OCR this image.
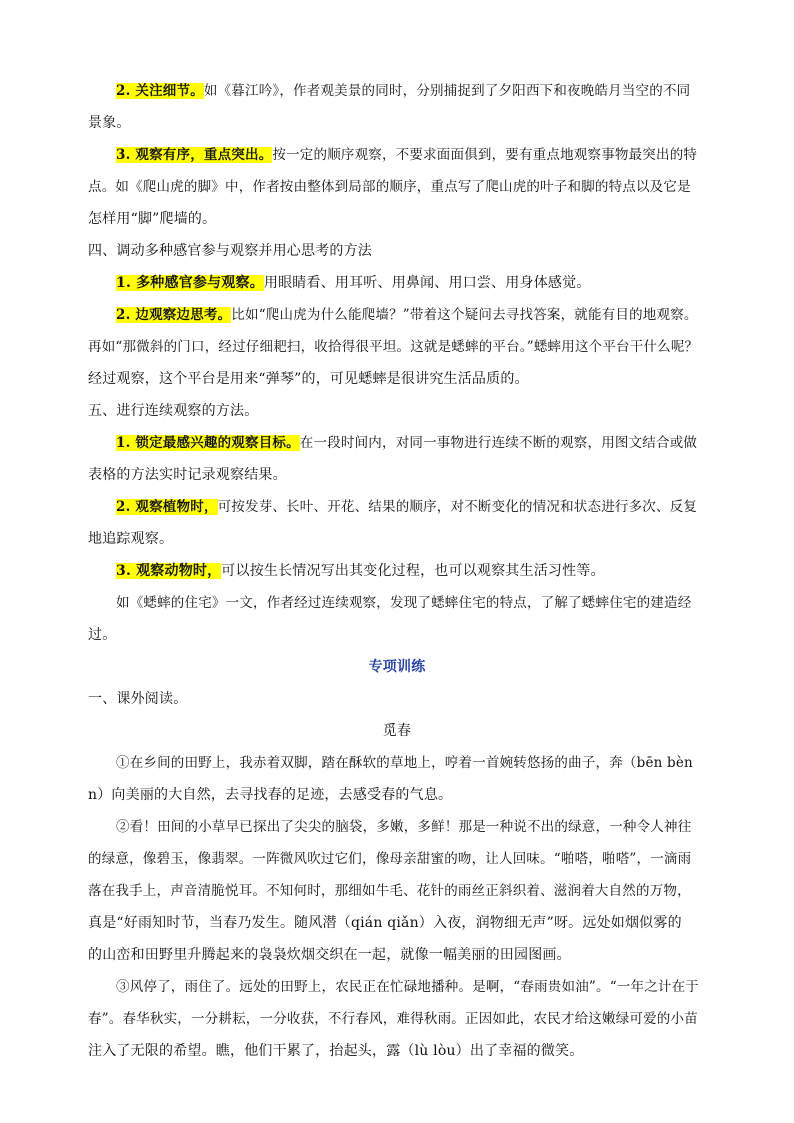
2. 关注细节。如《暮江吟》，作者观美景的同时，分别捕捉到了夕阳西下和夜晚皓月当空的不同
景象。
3. 观察有序，重点突出。按一定的顺序观察，不要求面面俱到，要有重点地观察事物最突出的特
点。如《爬山虎的脚》中，作者按由整体到局部的顺序，重点写了爬山虎的叶子和脚的特点以及它是
怎样用“脚”爬墙的。
四、调动多种感官参与观察并用心思考的方法
1. 多种感官参与观察。用眼睛看、用耳听、用鼻闻、用口尝、用身体感觉。
2. 边观察边思考。比如“爬山虎为什么能爬墙？”带着这个疑问去寻找答案，就能有目的地观察。
再如“那微斜的门口，经过仔细耙扫，收拾得很平坦。这就是蟋蟀的平台。”蟋蟀用这个平台干什么呢？
经过观察，这个平台是用来“弹琴”的，可见蟋蟀是很讲究生活品质的。
五、进行连续观察的方法。
1. 锁定最感兴趣的观察目标。在一段时间内，对同一事物进行连续不断的观察，用图文结合或做
表格的方法实时记录观察结果。
2. 观察植物时，可按发芽、长叶、开花、结果的顺序，对不断变化的情况和状态进行多次、反复
地追踪观察。
3. 观察动物时，可以按生长情况写出其变化过程，也可以观察其生活习性等。
如《蟋蟀的住宅》一文，作者经过连续观察，发现了蟋蟀住宅的特点，了解了蟋蟀住宅的建造经
过。
专项训练
一、课外阅读。
觅春
①在乡间的田野上，我赤着双脚，踏在酥软的草地上，哼着一首婉转悠扬的曲子，奔（bēn bèn
n）向美丽的大自然，去寻找春的足迹，去感受春的气息。
②看！田间的小草早已探出了尖尖的脑袋，多嫩，多鲜！那是一种说不出的绿意，一种令人神往
的绿意，像碧玉，像翡翠。一阵微风吹过它们，像母亲甜蜜的吻，让人回味。“啪嗒，啪嗒”，一滴雨
落在我手上，声音清脆悦耳。不知何时，那细如牛毛、花针的雨丝正斜织着、滋润着大自然的万物，
真是“好雨知时节，当春乃发生。随风潜（qián qiǎn）入夜，润物细无声”呀。远处如烟似雾的
的山峦和田野里升腾起来的袅袅炊烟交织在一起，就像一幅美丽的田园图画。
③风停了，雨住了。远处的田野上，农民正在忙碌地播种。是啊，“春雨贵如油”。“一年之计在于
春”。春华秋实，一分耕耘，一分收获，不行春风，难得秋雨。正因如此，农民才给这嫩绿可爱的小苗
注入了无限的希望。瞧，他们干累了，抬起头，露（lù lòu）出了幸福的微笑。
